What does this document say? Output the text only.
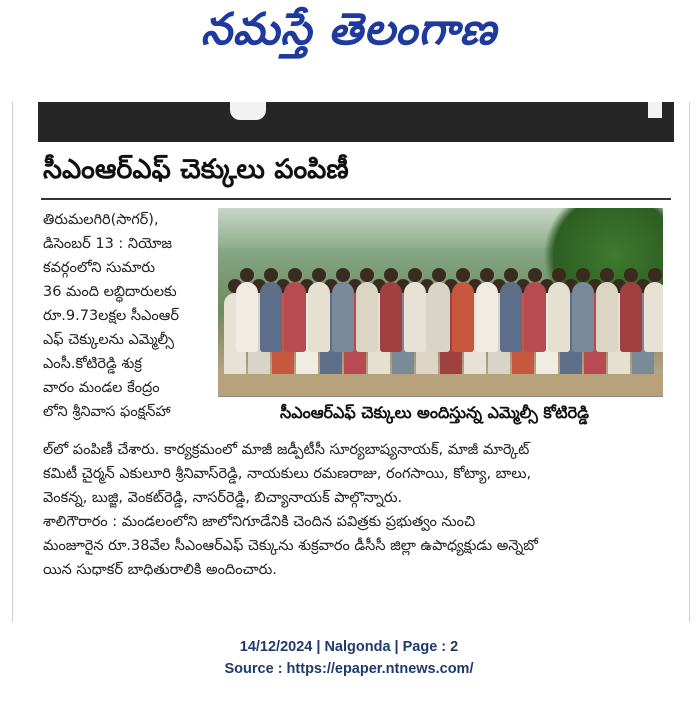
నమస్తే తెలంగాణ
సీఎంఆర్ఎఫ్ చెక్కులు పంపిణీ
తిరుమలగిరి(సాగర్),
డిసెంబర్ 13 : నియోజ
కవర్గంలోని సుమారు
36 మంది లబ్ధిదారులకు
రూ.9.73లక్షల సీఎంఆర్
ఎఫ్ చెక్కులను ఎమ్మెల్సీ
ఎంసీ.కోటిరెడ్డి శుక్ర
వారం మండల కేంద్రం
లోని శ్రీనివాస ఫంక్షన్‌హా	సీఎంఆర్ఎఫ్ చెక్కులు అందిస్తున్న ఎమ్మెల్సీ కోటిరెడ్డి
ల్‌లో పంపిణీ చేశారు. కార్యక్రమంలో మాజీ జడ్పీటీసీ సూర్యబాష్యనాయక్, మాజీ మార్కెట్
కమిటీ చైర్మన్ ఎకులూరి శ్రీనివాస్‌రెడ్డి, నాయకులు రమణరాజు, రంగసాయి, కోట్యా, బాలు,
వెంకన్న, బుజ్జి, వెంకట్‌రెడ్డి, నాసర్‌రెడ్డి, బిచ్యానాయక్ పాల్గొన్నారు.
శాలిగౌరారం : మండలంలోని జాలోనిగూడేనికి చెందిన పవిత్రకు ప్రభుత్వం నుంచి
మంజూరైన రూ.38వేల సీఎంఆర్ఎఫ్ చెక్కును శుక్రవారం డీసీసీ జిల్లా ఉపాధ్యక్షుడు అన్నెబో
యిన సుధాకర్ బాధితురాలికి అందించారు.
14/12/2024 | Nalgonda | Page : 2
Source : https://epaper.ntnews.com/
